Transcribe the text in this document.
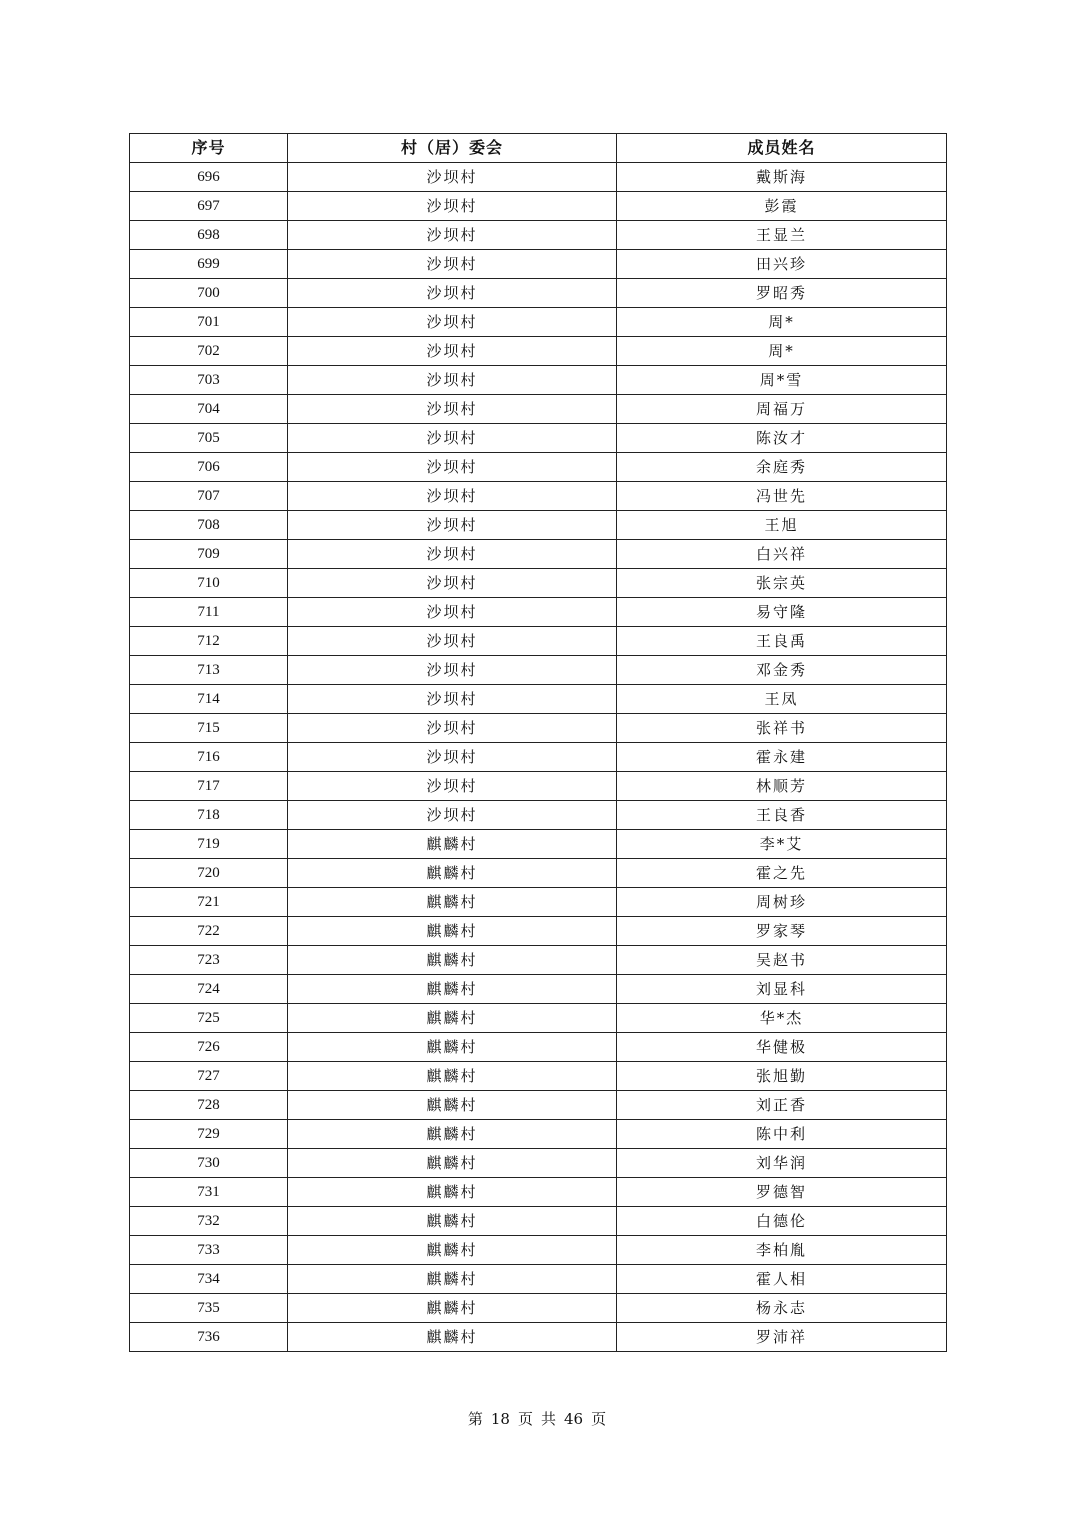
序号	村（居）委会	成员姓名
696	沙坝村	戴斯海
697	沙坝村	彭霞
698	沙坝村	王显兰
699	沙坝村	田兴珍
700	沙坝村	罗昭秀
701	沙坝村	周*
702	沙坝村	周*
703	沙坝村	周*雪
704	沙坝村	周福万
705	沙坝村	陈汝才
706	沙坝村	余庭秀
707	沙坝村	冯世先
708	沙坝村	王旭
709	沙坝村	白兴祥
710	沙坝村	张宗英
711	沙坝村	易守隆
712	沙坝村	王良禹
713	沙坝村	邓金秀
714	沙坝村	王凤
715	沙坝村	张祥书
716	沙坝村	霍永建
717	沙坝村	林顺芳
718	沙坝村	王良香
719	麒麟村	李*艾
720	麒麟村	霍之先
721	麒麟村	周树珍
722	麒麟村	罗家琴
723	麒麟村	吴赵书
724	麒麟村	刘显科
725	麒麟村	华*杰
726	麒麟村	华健极
727	麒麟村	张旭勤
728	麒麟村	刘正香
729	麒麟村	陈中利
730	麒麟村	刘华润
731	麒麟村	罗德智
732	麒麟村	白德伦
733	麒麟村	李柏胤
734	麒麟村	霍人相
735	麒麟村	杨永志
736	麒麟村	罗沛祥
第 18 页 共 46 页
